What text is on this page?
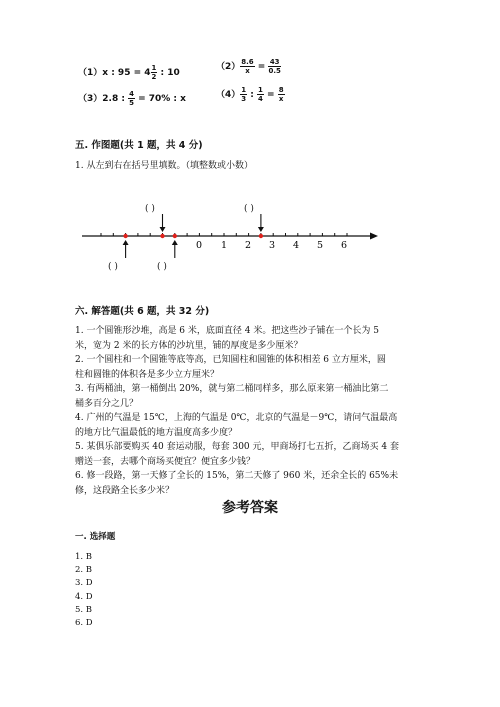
（1）x : $95 = 4 \frac{1}{2}$ : 10
$(2) \frac{8.6}{x} = \frac{43}{0.5}$
（3）2.8 : $\frac{4}{5} = 70\%$ : x	$(4) \frac{1}{3}$ : $\frac{1}{4} = \frac{8}{x}$
五. 作图题(共 1 题，共 4 分)
1. 从左到右在括号里填数。（填整数或小数）
0 1 2 3 4 5 6
( )	( )
( )	( )
六. 解答题(共 6 题，共 32 分)
1. 一个圆锥形沙堆，高是 6 米，底面直径 4 米。把这些沙子铺在一个长为 5
米，宽为 2 米的长方体的沙坑里，铺的厚度是多少厘米？
2. 一个圆柱和一个圆锥等底等高，已知圆柱和圆锥的体积相差 6 立方厘米，圆
柱和圆锥的体积各是多少立方厘米？
3. 有两桶油，第一桶倒出 20%，就与第二桶同样多，那么原来第一桶油比第二
桶多百分之几？
4. 广州的气温是 15℃，上海的气温是 0℃，北京的气温是－9℃，请问气温最高
的地方比气温最低的地方温度高多少度？
5. 某俱乐部要购买 40 套运动服，每套 300 元，甲商场打七五折，乙商场买 4 套
赠送一套，去哪个商场买便宜？便宜多少钱？
6. 修一段路，第一天修了全长的 15%，第二天修了 960 米，还余全长的 65%未
修，这段路全长多少米？
参考答案
一. 选择题
1. B
2. B
3. D
4. D
5. B
6. D
